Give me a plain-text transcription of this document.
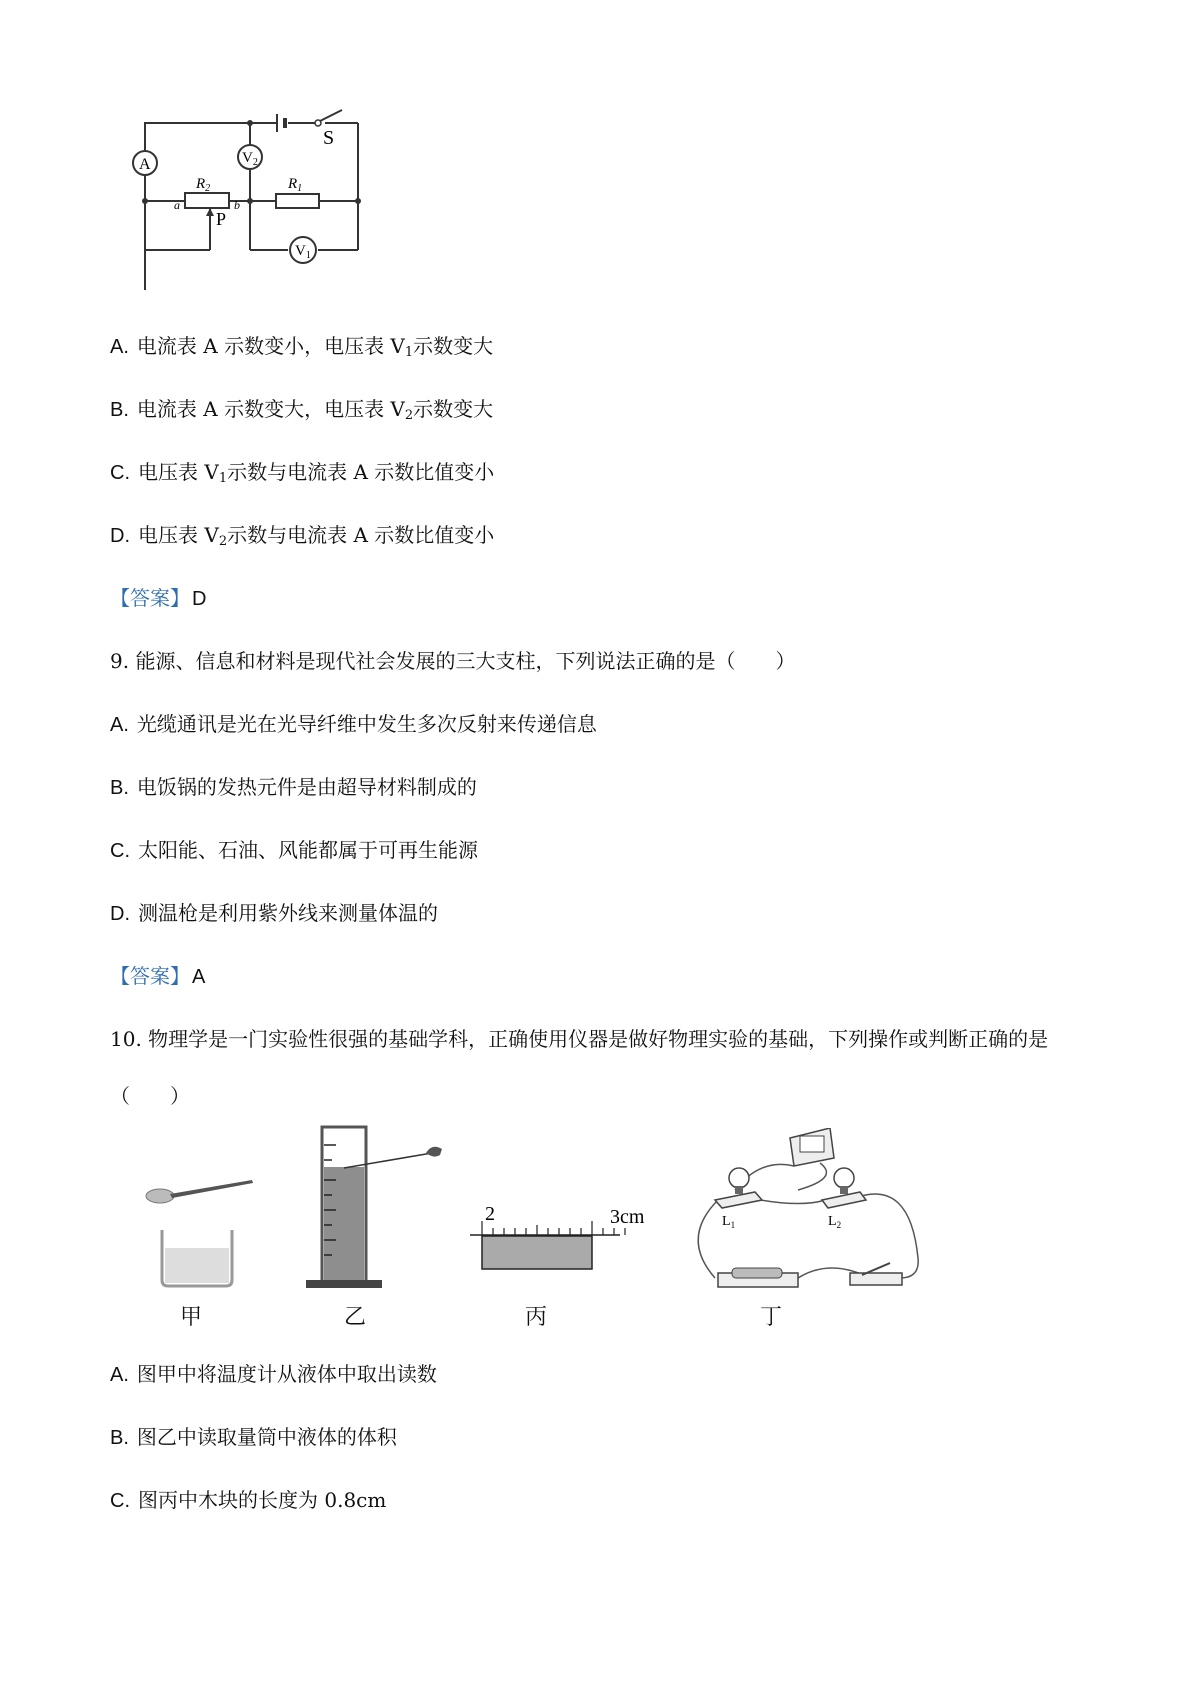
A	$V_2$
$V_1$
$R_2$	$R_1$
S
P
a	b
A. 电流表 A 示数变小，电压表 $V_1$示数变大
B. 电流表 A 示数变大，电压表 $V_2$示数变大
C. 电压表 $V_1$示数与电流表 A 示数比值变小
D. 电压表 $V_2$示数与电流表 A 示数比值变小
【答案】 D
9. 能源、信息和材料是现代社会发展的三大支柱，下列说法正确的是（　　）
A. 光缆通讯是光在光导纤维中发生多次反射来传递信息
B. 电饭锅的发热元件是由超导材料制成的
C. 太阳能、石油、风能都属于可再生能源
D. 测温枪是利用紫外线来测量体温的
【答案】 A
10. 物理学是一门实验性很强的基础学科，正确使用仪器是做好物理实验的基础，下列操作或判断正确的是
（　　）
2	3cm	$L_1$	$L_2$
甲	乙	丙	丁
A. 图甲中将温度计从液体中取出读数
B. 图乙中读取量筒中液体的体积
C. 图丙中木块的长度为 0.8cm
